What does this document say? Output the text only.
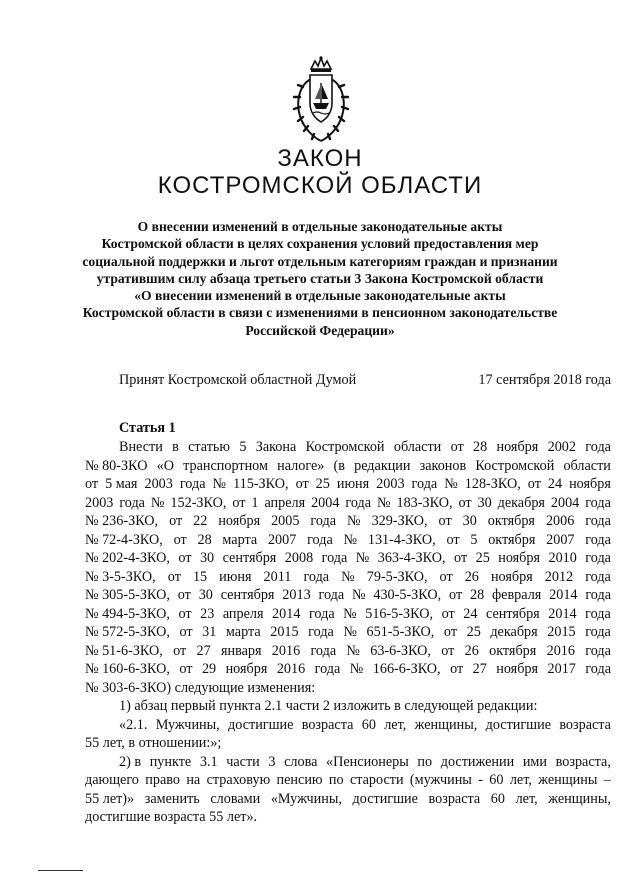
ЗАКОН
КОСТРОМСКОЙ ОБЛАСТИ
О внесении изменений в отдельные законодательные акты
Костромской области в целях сохранения условий предоставления мер
социальной поддержки и льгот отдельным категориям граждан и признании
утратившим силу абзаца третьего статьи 3 Закона Костромской области
«О внесении изменений в отдельные законодательные акты
Костромской области в связи с изменениями в пенсионном законодательстве
Российской Федерации»
Принят Костромской областной Думой	17 сентября 2018 года
Статья 1
Внести в статью 5 Закона Костромской области от 28 ноября 2002 года
№ 80-ЗКО «О транспортном налоге» (в редакции законов Костромской области
от 5 мая 2003 года № 115-ЗКО, от 25 июня 2003 года № 128-ЗКО, от 24 ноября
2003 года № 152-ЗКО, от 1 апреля 2004 года № 183-ЗКО, от 30 декабря 2004 года
№ 236-ЗКО, от 22 ноября 2005 года № 329-ЗКО, от 30 октября 2006 года
№ 72-4-ЗКО, от 28 марта 2007 года № 131-4-ЗКО, от 5 октября 2007 года
№ 202-4-ЗКО, от 30 сентября 2008 года № 363-4-ЗКО, от 25 ноября 2010 года
№ 3-5-ЗКО, от 15 июня 2011 года № 79-5-ЗКО, от 26 ноября 2012 года
№ 305-5-ЗКО, от 30 сентября 2013 года № 430-5-ЗКО, от 28 февраля 2014 года
№ 494-5-ЗКО, от 23 апреля 2014 года № 516-5-ЗКО, от 24 сентября 2014 года
№ 572-5-ЗКО, от 31 марта 2015 года № 651-5-ЗКО, от 25 декабря 2015 года
№ 51-6-ЗКО, от 27 января 2016 года № 63-6-ЗКО, от 26 октября 2016 года
№ 160-6-ЗКО, от 29 ноября 2016 года № 166-6-ЗКО, от 27 ноября 2017 года
№ 303-6-ЗКО) следующие изменения:
1) абзац первый пункта 2.1 части 2 изложить в следующей редакции:
«2.1. Мужчины, достигшие возраста 60 лет, женщины, достигшие возраста
55 лет, в отношении:»;
2) в пункте 3.1 части 3 слова «Пенсионеры по достижении ими возраста,
дающего право на страховую пенсию по старости (мужчины - 60 лет, женщины –
55 лет)» заменить словами «Мужчины, достигшие возраста 60 лет, женщины,
достигшие возраста 55 лет».
